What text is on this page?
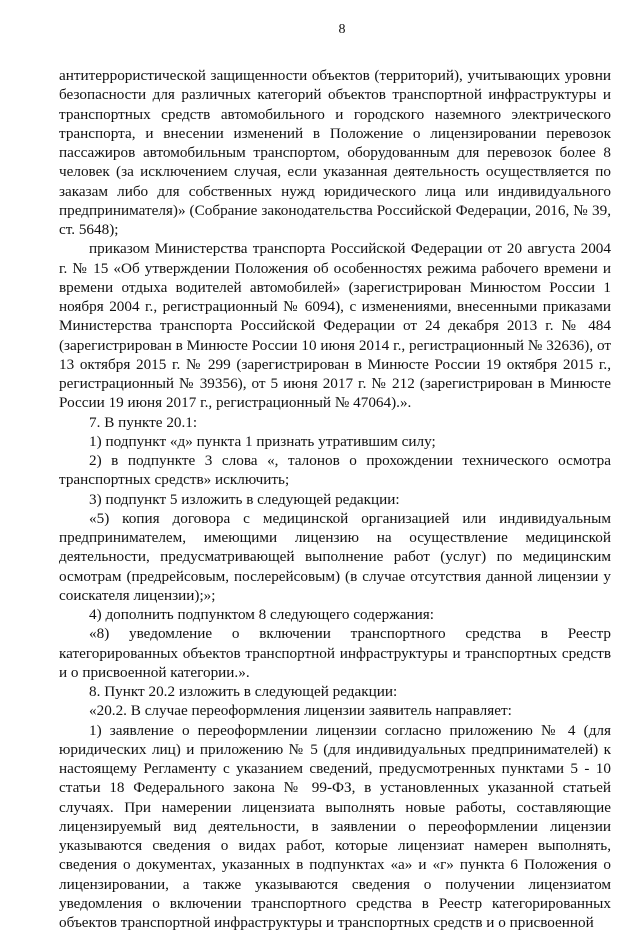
8

антитеррористической защищенности объектов (территорий), учитывающих уровни безопасности для различных категорий объектов транспортной инфраструктуры и транспортных средств автомобильного и городского наземного электрического транспорта, и внесении изменений в Положение о лицензировании перевозок пассажиров автомобильным транспортом, оборудованным для перевозок более 8 человек (за исключением случая, если указанная деятельность осуществляется по заказам либо для собственных нужд юридического лица или индивидуального предпринимателя)» (Собрание законодательства Российской Федерации, 2016, № 39, ст. 5648);

приказом Министерства транспорта Российской Федерации от 20 августа 2004 г. № 15 «Об утверждении Положения об особенностях режима рабочего времени и времени отдыха водителей автомобилей» (зарегистрирован Минюстом России 1 ноября 2004 г., регистрационный № 6094), с изменениями, внесенными приказами Министерства транспорта Российской Федерации от 24 декабря 2013 г. № 484 (зарегистрирован в Минюсте России 10 июня 2014 г., регистрационный № 32636), от 13 октября 2015 г. № 299 (зарегистрирован в Минюсте России 19 октября 2015 г., регистрационный № 39356), от 5 июня 2017 г. № 212 (зарегистрирован в Минюсте России 19 июня 2017 г., регистрационный № 47064).».

7. В пункте 20.1:

1) подпункт «д» пункта 1 признать утратившим силу;

2) в подпункте 3 слова «, талонов о прохождении технического осмотра транспортных средств» исключить;

3) подпункт 5 изложить в следующей редакции:

«5) копия договора с медицинской организацией или индивидуальным предпринимателем, имеющими лицензию на осуществление медицинской деятельности, предусматривающей выполнение работ (услуг) по медицинским осмотрам (предрейсовым, послерейсовым) (в случае отсутствия данной лицензии у соискателя лицензии);»;

4) дополнить подпунктом 8 следующего содержания:

«8) уведомление о включении транспортного средства в Реестр категорированных объектов транспортной инфраструктуры и транспортных средств и о присвоенной категории.».

8. Пункт 20.2 изложить в следующей редакции:

«20.2. В случае переоформления лицензии заявитель направляет:

1) заявление о переоформлении лицензии согласно приложению № 4 (для юридических лиц) и приложению № 5 (для индивидуальных предпринимателей) к настоящему Регламенту с указанием сведений, предусмотренных пунктами 5 - 10 статьи 18 Федерального закона № 99-ФЗ, в установленных указанной статьей случаях. При намерении лицензиата выполнять новые работы, составляющие лицензируемый вид деятельности, в заявлении о переоформлении лицензии указываются сведения о видах работ, которые лицензиат намерен выполнять, сведения о документах, указанных в подпунктах «а» и «г» пункта 6 Положения о лицензировании, а также указываются сведения о получении лицензиатом уведомления о включении транспортного средства в Реестр категорированных объектов транспортной инфраструктуры и транспортных средств и о присвоенной
